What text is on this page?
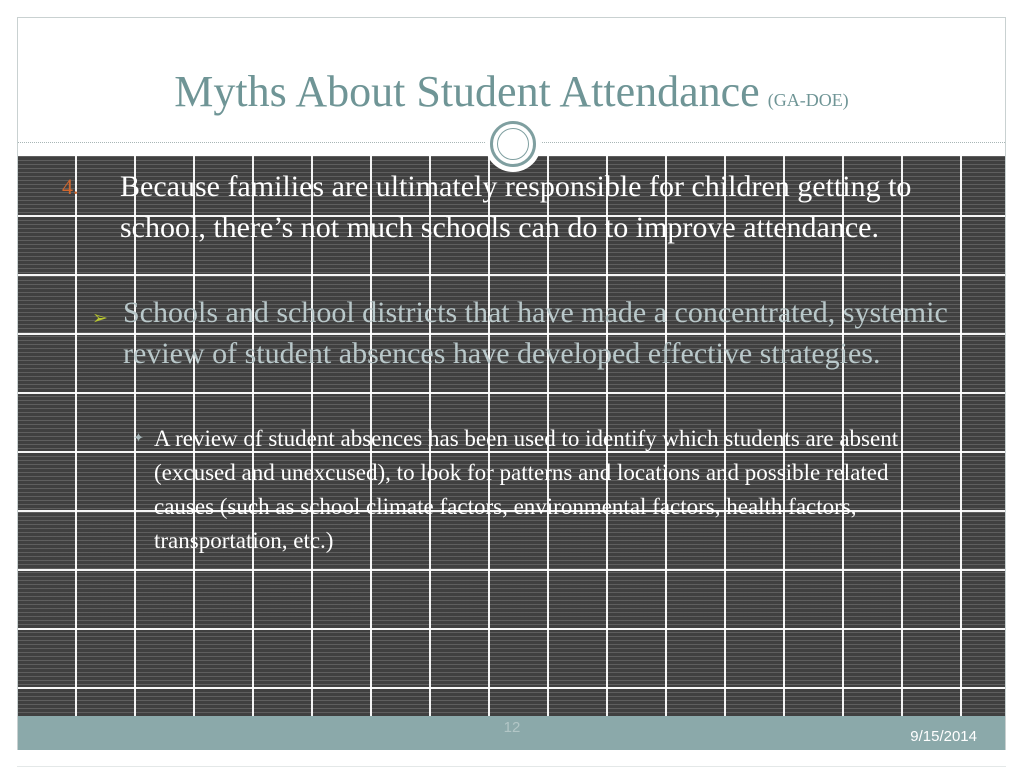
Myths About Student Attendance (GA-DOE)
4. Because families are ultimately responsible for children getting to school, there’s not much schools can do to improve attendance.
➢ Schools and school districts that have made a concentrated, systemic review of student absences have developed effective strategies.
✦ A review of student absences has been used to identify which students are absent (excused and unexcused), to look for patterns and locations and possible related causes (such as school climate factors, environmental factors, health factors, transportation, etc.)
12
9/15/2014
